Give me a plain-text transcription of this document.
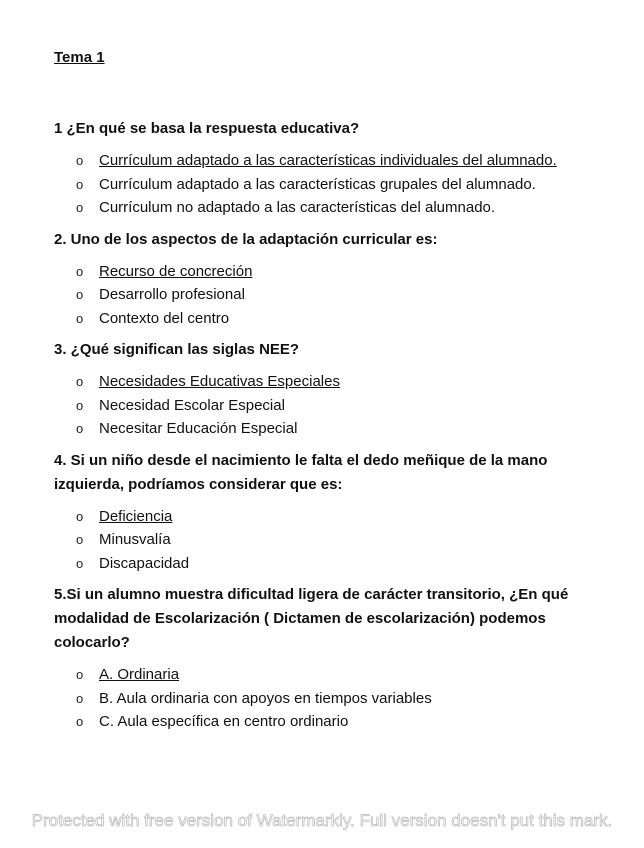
Tema 1
1 ¿En qué se basa la respuesta educativa?
o Currículum adaptado a las características individuales del alumnado.
o Currículum adaptado a las características grupales del alumnado.
o Currículum no adaptado a las características del alumnado.
2. Uno de los aspectos de la adaptación curricular es:
o Recurso de concreción
o Desarrollo profesional
o Contexto del centro
3. ¿Qué significan las siglas NEE?
o Necesidades Educativas Especiales
o Necesidad Escolar Especial
o Necesitar Educación Especial
4. Si un niño desde el nacimiento le falta el dedo meñique de la mano izquierda, podríamos considerar que es:
o Deficiencia
o Minusvalía
o Discapacidad
5.Si un alumno muestra dificultad ligera de carácter transitorio, ¿En qué modalidad de Escolarización ( Dictamen de escolarización) podemos colocarlo?
o A. Ordinaria
o B. Aula ordinaria con apoyos en tiempos variables
o C. Aula específica en centro ordinario
Protected with free version of Watermarkly. Full version doesn't put this mark.
